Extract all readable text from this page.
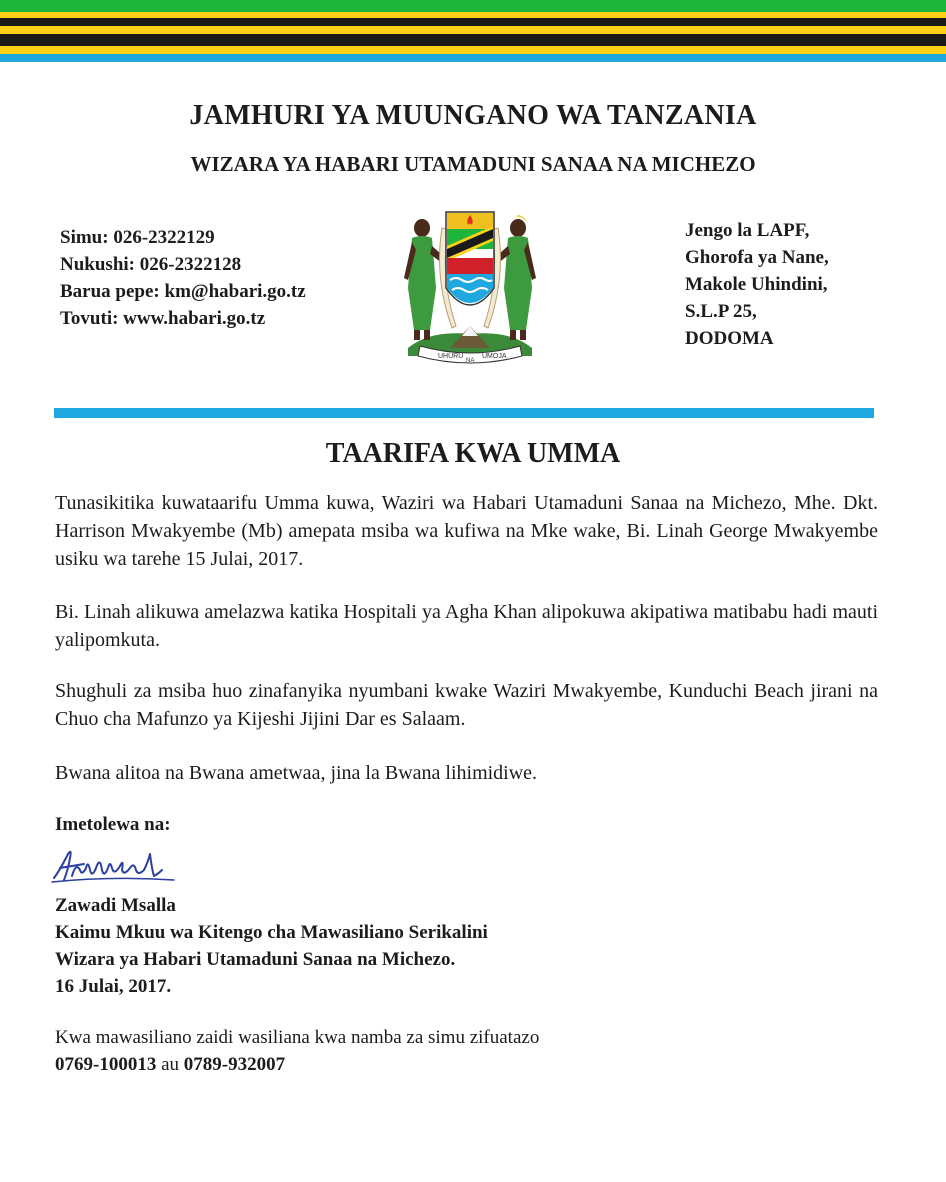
JAMHURI YA MUUNGANO WA TANZANIA
WIZARA YA HABARI UTAMADUNI SANAA NA MICHEZO
Simu: 026-2322129
Nukushi: 026-2322128
Barua pepe: km@habari.go.tz
Tovuti: www.habari.go.tz
UHURU
NA
UMOJA
Jengo la LAPF,
Ghorofa ya Nane,
Makole Uhindini,
S.L.P 25,
DODOMA
TAARIFA KWA UMMA

Tunasikitika kuwataarifu Umma kuwa, Waziri wa Habari Utamaduni Sanaa na Michezo, Mhe. Dkt. Harrison Mwakyembe (Mb) amepata msiba wa kufiwa na Mke wake, Bi. Linah George Mwakyembe usiku wa tarehe 15 Julai, 2017.

Bi. Linah alikuwa amelazwa katika Hospitali ya Agha Khan alipokuwa akipatiwa matibabu hadi mauti yalipomkuta.

Shughuli za msiba huo zinafanyika nyumbani kwake Waziri Mwakyembe, Kunduchi Beach jirani na Chuo cha Mafunzo ya Kijeshi Jijini Dar es Salaam.

Bwana alitoa na Bwana ametwaa, jina la Bwana lihimidiwe.

Imetolewa na:
Zawadi Msalla
Kaimu Mkuu wa Kitengo cha Mawasiliano Serikalini
Wizara ya Habari Utamaduni Sanaa na Michezo.
16 Julai, 2017.
Kwa mawasiliano zaidi wasiliana kwa namba za simu zifuatazo
0769-100013 au 0789-932007
